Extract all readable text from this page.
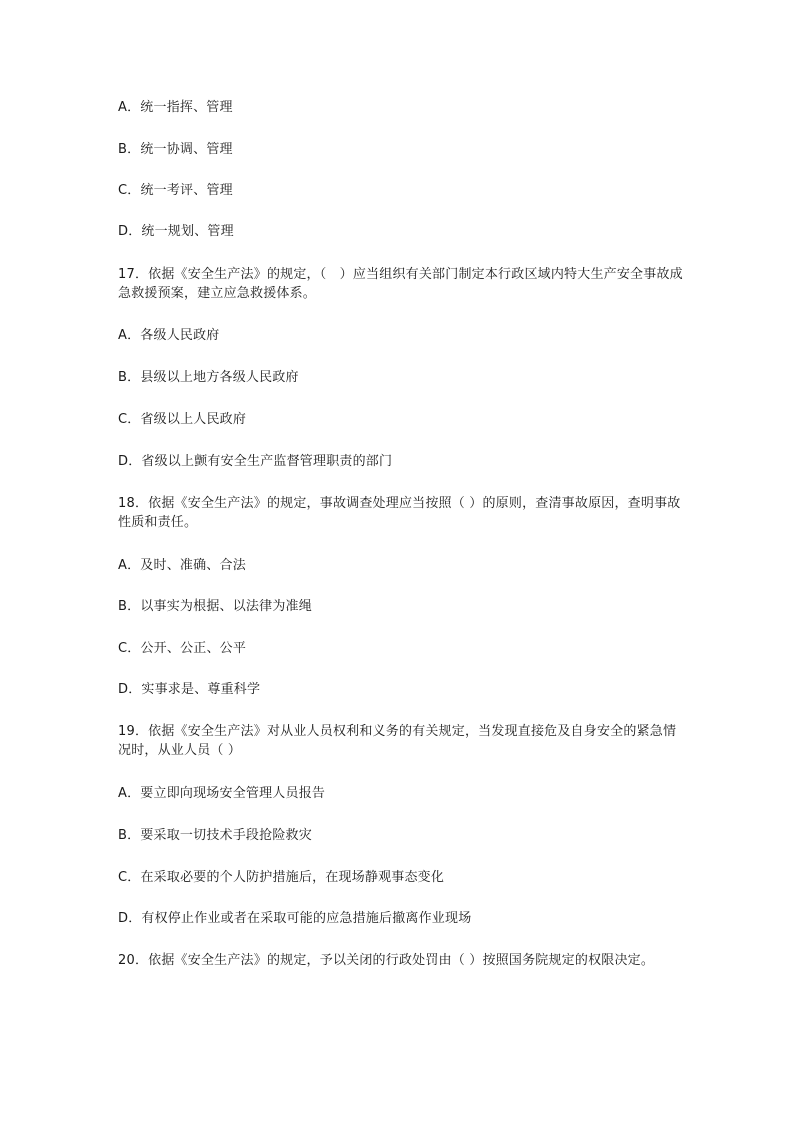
A．统一指挥、管理
B．统一协调、管理
C．统一考评、管理
D．统一规划、管理
17．依据《安全生产法》的规定，（　）应当组织有关部门制定本行政区域内特大生产安全事故成急救援预案，建立应急救援体系。
A．各级人民政府
B．县级以上地方各级人民政府
C．省级以上人民政府
D．省级以上颤有安全生产监督管理职责的部门
18．依据《安全生产法》的规定，事故调查处理应当按照（ ）的原则，查清事故原因，查明事故性质和责任。
A．及时、准确、合法
B．以事实为根据、以法律为准绳
C．公开、公正、公平
D．实事求是、尊重科学
19．依据《安全生产法》对从业人员权利和义务的有关规定，当发现直接危及自身安全的紧急情况时，从业人员（ ）
A．要立即向现场安全管理人员报告
B．要采取一切技术手段抢险救灾
C．在采取必要的个人防护措施后，在现场静观事态变化
D．有权停止作业或者在采取可能的应急措施后撤离作业现场
20．依据《安全生产法》的规定，予以关闭的行政处罚由（ ）按照国务院规定的权限决定。
